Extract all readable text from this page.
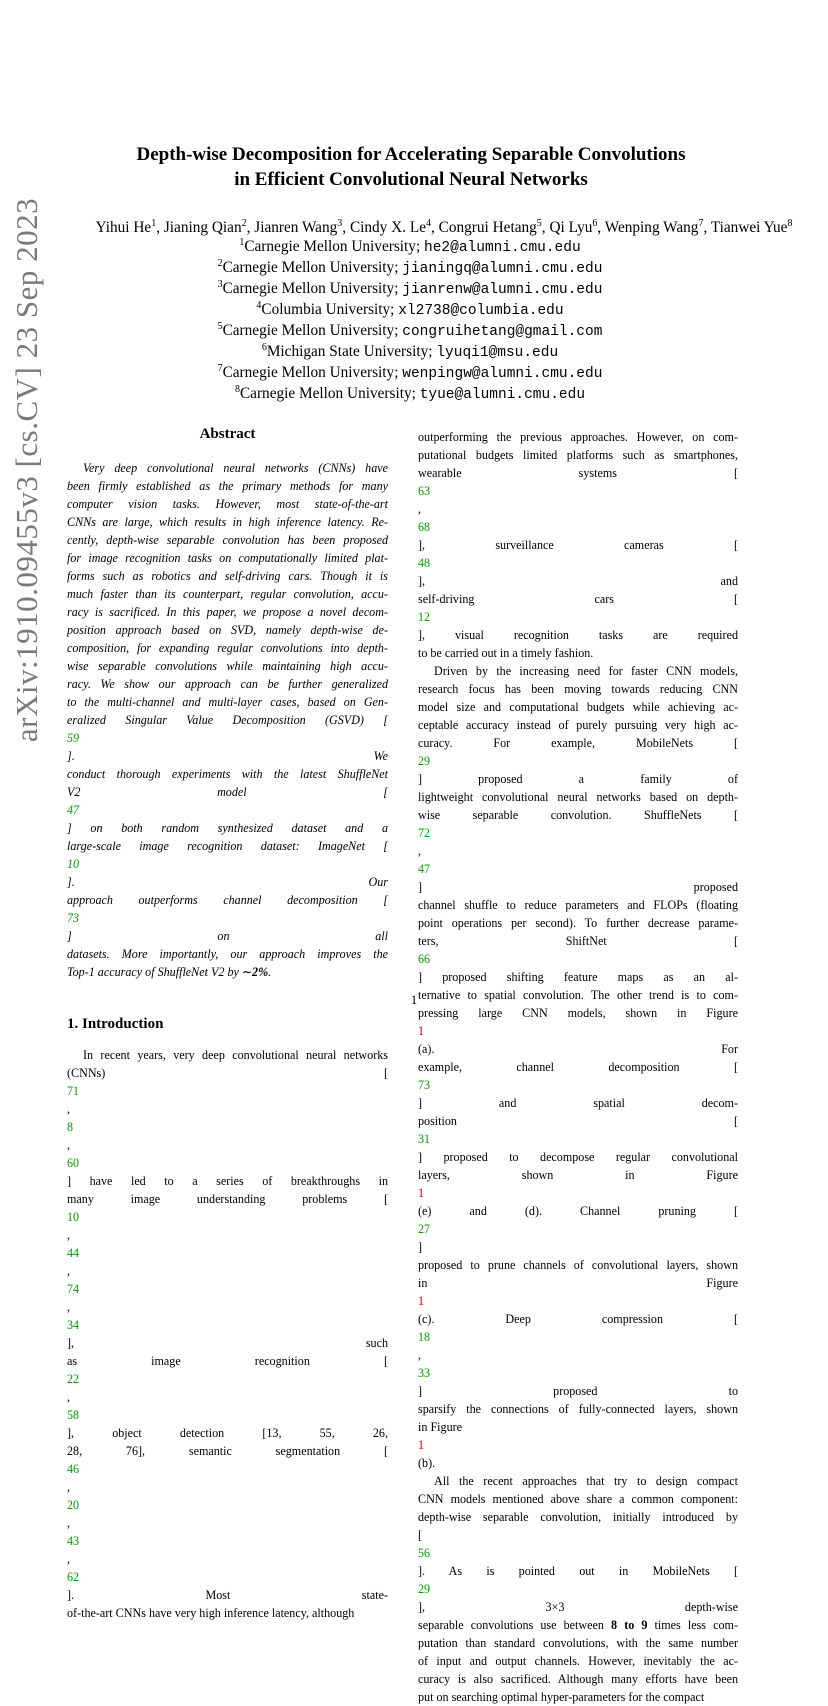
arXiv:1910.09455v3 [cs.CV] 23 Sep 2023
Depth-wise Decomposition for Accelerating Separable Convolutions
in Efficient Convolutional Neural Networks
Yihui He$^1$, Jianing Qian$^2$, Jianren Wang$^3$, Cindy X. Le$^4$, Congrui Hetang$^5$, Qi Lyu$^6$, Wenping Wang$^7$, Tianwei Yue$^8$
$^1$Carnegie Mellon University; he2@alumni.cmu.edu
$^2$Carnegie Mellon University; jianingq@alumni.cmu.edu
$^3$Carnegie Mellon University; jianrenw@alumni.cmu.edu
$^4$Columbia University; xl2738@columbia.edu
$^5$Carnegie Mellon University; congruihetang@gmail.com
$^6$Michigan State University; lyuqi1@msu.edu
$^7$Carnegie Mellon University; wenpingw@alumni.cmu.edu
$^8$Carnegie Mellon University; tyue@alumni.cmu.edu
Abstract
Very deep convolutional neural networks (CNNs) have
been firmly established as the primary methods for many
computer vision tasks. However, most state-of-the-art
CNNs are large, which results in high inference latency. Re-
cently, depth-wise separable convolution has been proposed
for image recognition tasks on computationally limited plat-
forms such as robotics and self-driving cars. Though it is
much faster than its counterpart, regular convolution, accu-
racy is sacrificed. In this paper, we propose a novel decom-
position approach based on SVD, namely depth-wise de-
composition, for expanding regular convolutions into depth-
wise separable convolutions while maintaining high accu-
racy. We show our approach can be further generalized
to the multi-channel and multi-layer cases, based on Gen-
eralized Singular Value Decomposition (GSVD) [
59
]. We
conduct thorough experiments with the latest ShuffleNet
V2 model [
47
] on both random synthesized dataset and a
large-scale image recognition dataset: ImageNet [
10
]. Our
approach outperforms channel decomposition [
73
] on all
datasets. More importantly, our approach improves the
Top-1 accuracy of ShuffleNet V2 by ∼2%.
1. Introduction
In recent years, very deep convolutional neural networks
(CNNs) [
71
,
8
,
60
] have led to a series of breakthroughs in
many image understanding problems [
10
,
44
,
74
,
34
], such
as image recognition [
22
,
58
], object detection [13, 55, 26,
28, 76], semantic segmentation [
46
,
20
,
43
,
62
]. Most state-
of-the-art CNNs have very high inference latency, although
outperforming the previous approaches. However, on com-
putational budgets limited platforms such as smartphones,
wearable systems [
63
,
68
], surveillance cameras [
48
], and
self-driving cars [
12
], visual recognition tasks are required
to be carried out in a timely fashion.
Driven by the increasing need for faster CNN models,
research focus has been moving towards reducing CNN
model size and computational budgets while achieving ac-
ceptable accuracy instead of purely pursuing very high ac-
curacy. For example, MobileNets [
29
] proposed a family of
lightweight convolutional neural networks based on depth-
wise separable convolution. ShuffleNets [
72
,
47
] proposed
channel shuffle to reduce parameters and FLOPs (floating
point operations per second). To further decrease parame-
ters, ShiftNet [
66
] proposed shifting feature maps as an al-
ternative to spatial convolution. The other trend is to com-
pressing large CNN models, shown in Figure
1
(a). For
example, channel decomposition [
73
] and spatial decom-
position [
31
] proposed to decompose regular convolutional
layers, shown in Figure
1
(e) and (d). Channel pruning [
27
]
proposed to prune channels of convolutional layers, shown
in Figure
1
(c). Deep compression [
18
,
33
] proposed to
sparsify the connections of fully-connected layers, shown
in Figure
1
(b).
All the recent approaches that try to design compact
CNN models mentioned above share a common component:
depth-wise separable convolution, initially introduced by
[
56
]. As is pointed out in MobileNets [
29
], 3×3 depth-wise
separable convolutions use between 8 to 9 times less com-
putation than standard convolutions, with the same number
of input and output channels. However, inevitably the ac-
curacy is also sacrificed. Although many efforts have been
put on searching optimal hyper-parameters for the compact
1
